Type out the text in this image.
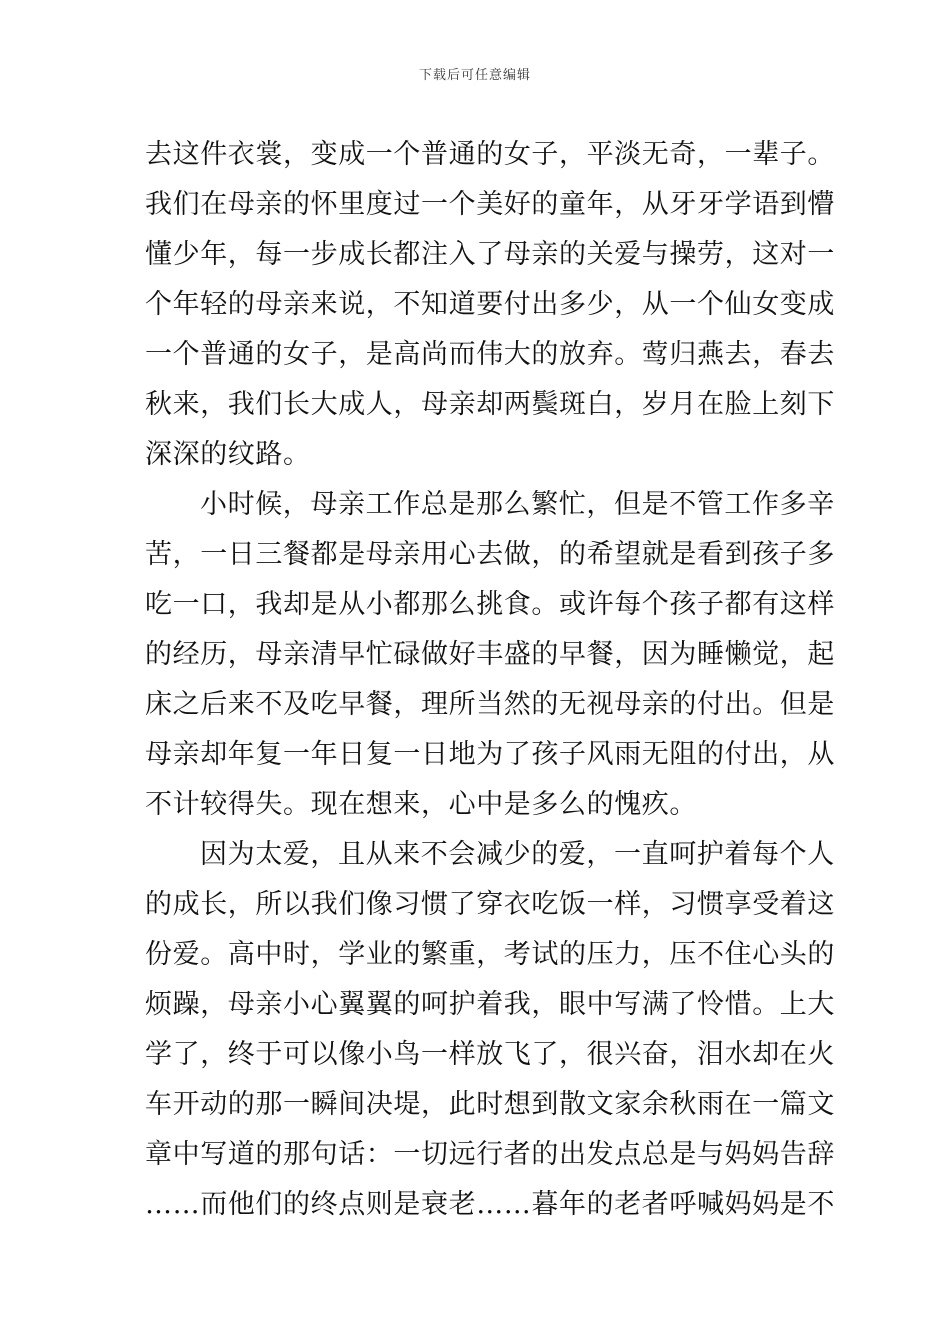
下载后可任意编辑
去这件衣裳，变成一个普通的女子，平淡无奇，一辈子。
我们在母亲的怀里度过一个美好的童年，从牙牙学语到懵
懂少年，每一步成长都注入了母亲的关爱与操劳，这对一
个年轻的母亲来说，不知道要付出多少，从一个仙女变成
一个普通的女子，是高尚而伟大的放弃。莺归燕去，春去
秋来，我们长大成人，母亲却两鬓斑白，岁月在脸上刻下
深深的纹路。
小时候，母亲工作总是那么繁忙，但是不管工作多辛
苦，一日三餐都是母亲用心去做，的希望就是看到孩子多
吃一口，我却是从小都那么挑食。或许每个孩子都有这样
的经历，母亲清早忙碌做好丰盛的早餐，因为睡懒觉，起
床之后来不及吃早餐，理所当然的无视母亲的付出。但是
母亲却年复一年日复一日地为了孩子风雨无阻的付出，从
不计较得失。现在想来，心中是多么的愧疚。
因为太爱，且从来不会减少的爱，一直呵护着每个人
的成长，所以我们像习惯了穿衣吃饭一样，习惯享受着这
份爱。高中时，学业的繁重，考试的压力，压不住心头的
烦躁，母亲小心翼翼的呵护着我，眼中写满了怜惜。上大
学了，终于可以像小鸟一样放飞了，很兴奋，泪水却在火
车开动的那一瞬间决堤，此时想到散文家余秋雨在一篇文
章中写道的那句话：一切远行者的出发点总是与妈妈告辞
……而他们的终点则是衰老……暮年的老者呼喊妈妈是不
